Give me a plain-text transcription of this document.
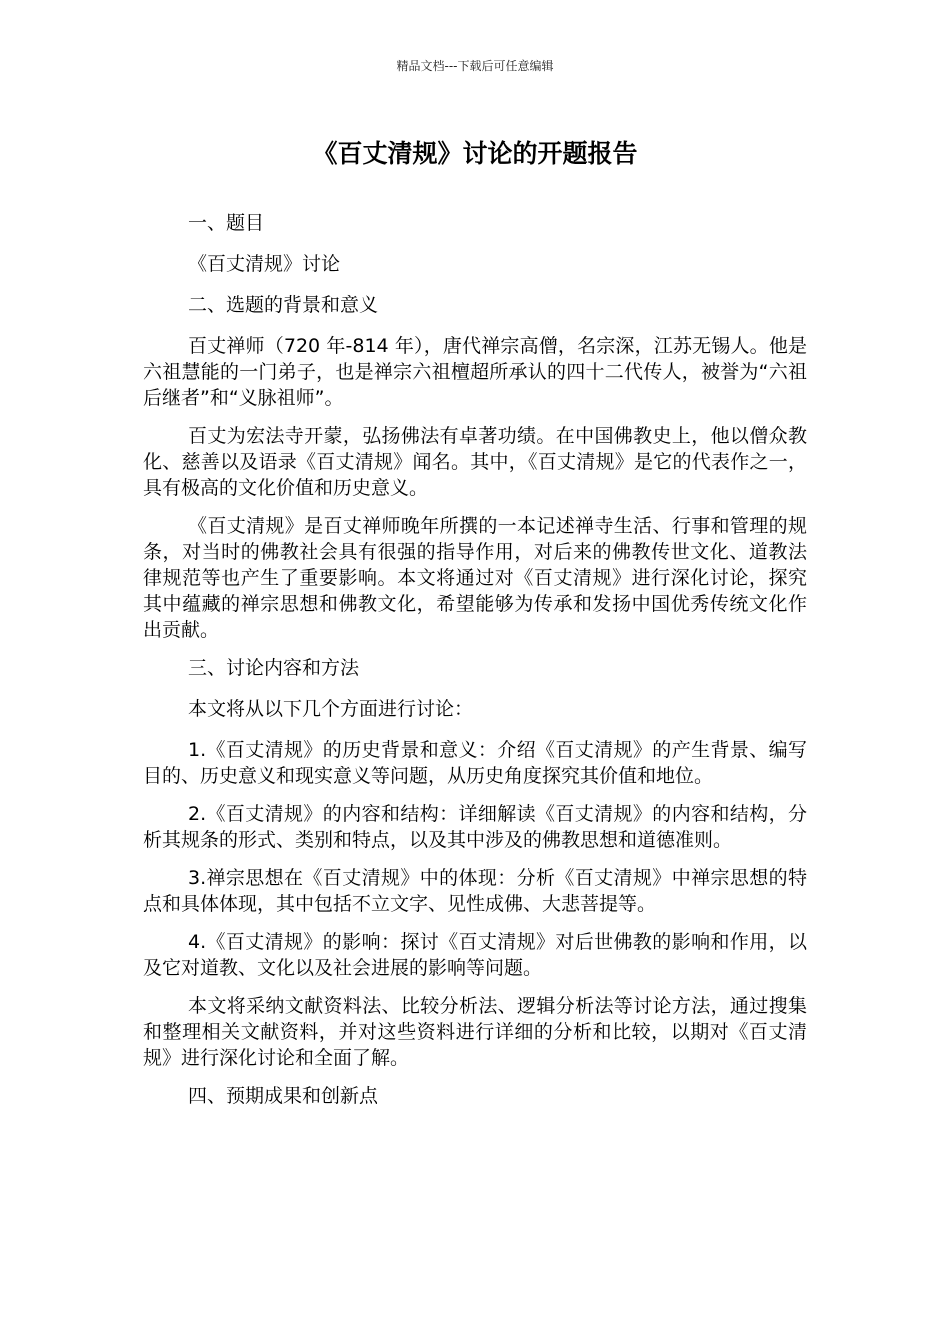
精品文档---下载后可任意编辑
《百丈清规》讨论的开题报告

一、题目

《百丈清规》讨论

二、选题的背景和意义

百丈禅师（720 年-814 年），唐代禅宗高僧，名宗深，江苏无锡人。他是六祖慧能的一门弟子，也是禅宗六祖檀超所承认的四十二代传人，被誉为“六祖后继者”和“义脉祖师”。

百丈为宏法寺开蒙，弘扬佛法有卓著功绩。在中国佛教史上，他以僧众教化、慈善以及语录《百丈清规》闻名。其中，《百丈清规》是它的代表作之一，具有极高的文化价值和历史意义。

《百丈清规》是百丈禅师晚年所撰的一本记述禅寺生活、行事和管理的规条，对当时的佛教社会具有很强的指导作用，对后来的佛教传世文化、道教法律规范等也产生了重要影响。本文将通过对《百丈清规》进行深化讨论，探究其中蕴藏的禅宗思想和佛教文化，希望能够为传承和发扬中国优秀传统文化作出贡献。

三、讨论内容和方法

本文将从以下几个方面进行讨论：

1.《百丈清规》的历史背景和意义：介绍《百丈清规》的产生背景、编写目的、历史意义和现实意义等问题，从历史角度探究其价值和地位。

2.《百丈清规》的内容和结构：详细解读《百丈清规》的内容和结构，分析其规条的形式、类别和特点，以及其中涉及的佛教思想和道德准则。

3.禅宗思想在《百丈清规》中的体现：分析《百丈清规》中禅宗思想的特点和具体体现，其中包括不立文字、见性成佛、大悲菩提等。

4.《百丈清规》的影响：探讨《百丈清规》对后世佛教的影响和作用，以及它对道教、文化以及社会进展的影响等问题。

本文将采纳文献资料法、比较分析法、逻辑分析法等讨论方法，通过搜集和整理相关文献资料，并对这些资料进行详细的分析和比较，以期对《百丈清规》进行深化讨论和全面了解。

四、预期成果和创新点
